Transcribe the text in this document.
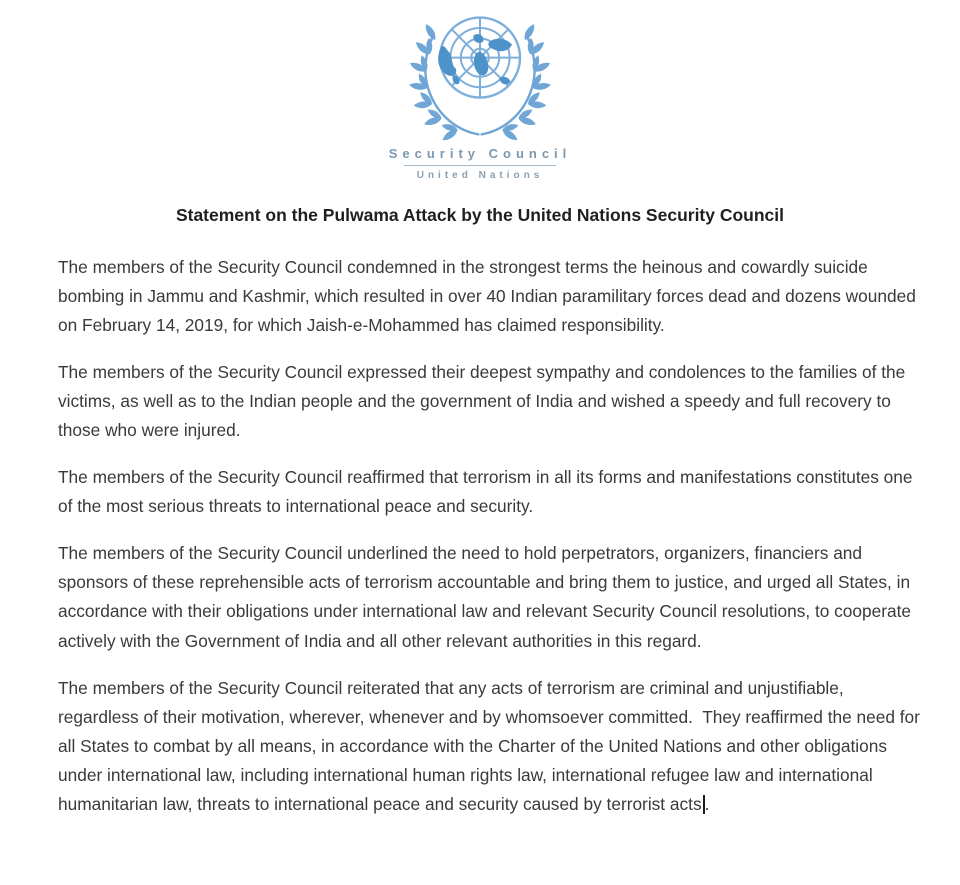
Security Council
United Nations
Statement on the Pulwama Attack by the United Nations Security Council

The members of the Security Council condemned in the strongest terms the heinous and cowardly suicide bombing in Jammu and Kashmir, which resulted in over 40 Indian paramilitary forces dead and dozens wounded on February 14, 2019, for which Jaish-e-Mohammed has claimed responsibility.

The members of the Security Council expressed their deepest sympathy and condolences to the families of the victims, as well as to the Indian people and the government of India and wished a speedy and full recovery to those who were injured.

The members of the Security Council reaffirmed that terrorism in all its forms and manifestations constitutes one of the most serious threats to international peace and security.

The members of the Security Council underlined the need to hold perpetrators, organizers, financiers and sponsors of these reprehensible acts of terrorism accountable and bring them to justice, and urged all States, in accordance with their obligations under international law and relevant Security Council resolutions, to cooperate actively with the Government of India and all other relevant authorities in this regard.

The members of the Security Council reiterated that any acts of terrorism are criminal and unjustifiable, regardless of their motivation, wherever, whenever and by whomsoever committed.  They reaffirmed the need for all States to combat by all means, in accordance with the Charter of the United Nations and other obligations under international law, including international human rights law, international refugee law and international humanitarian law, threats to international peace and security caused by terrorist acts .
